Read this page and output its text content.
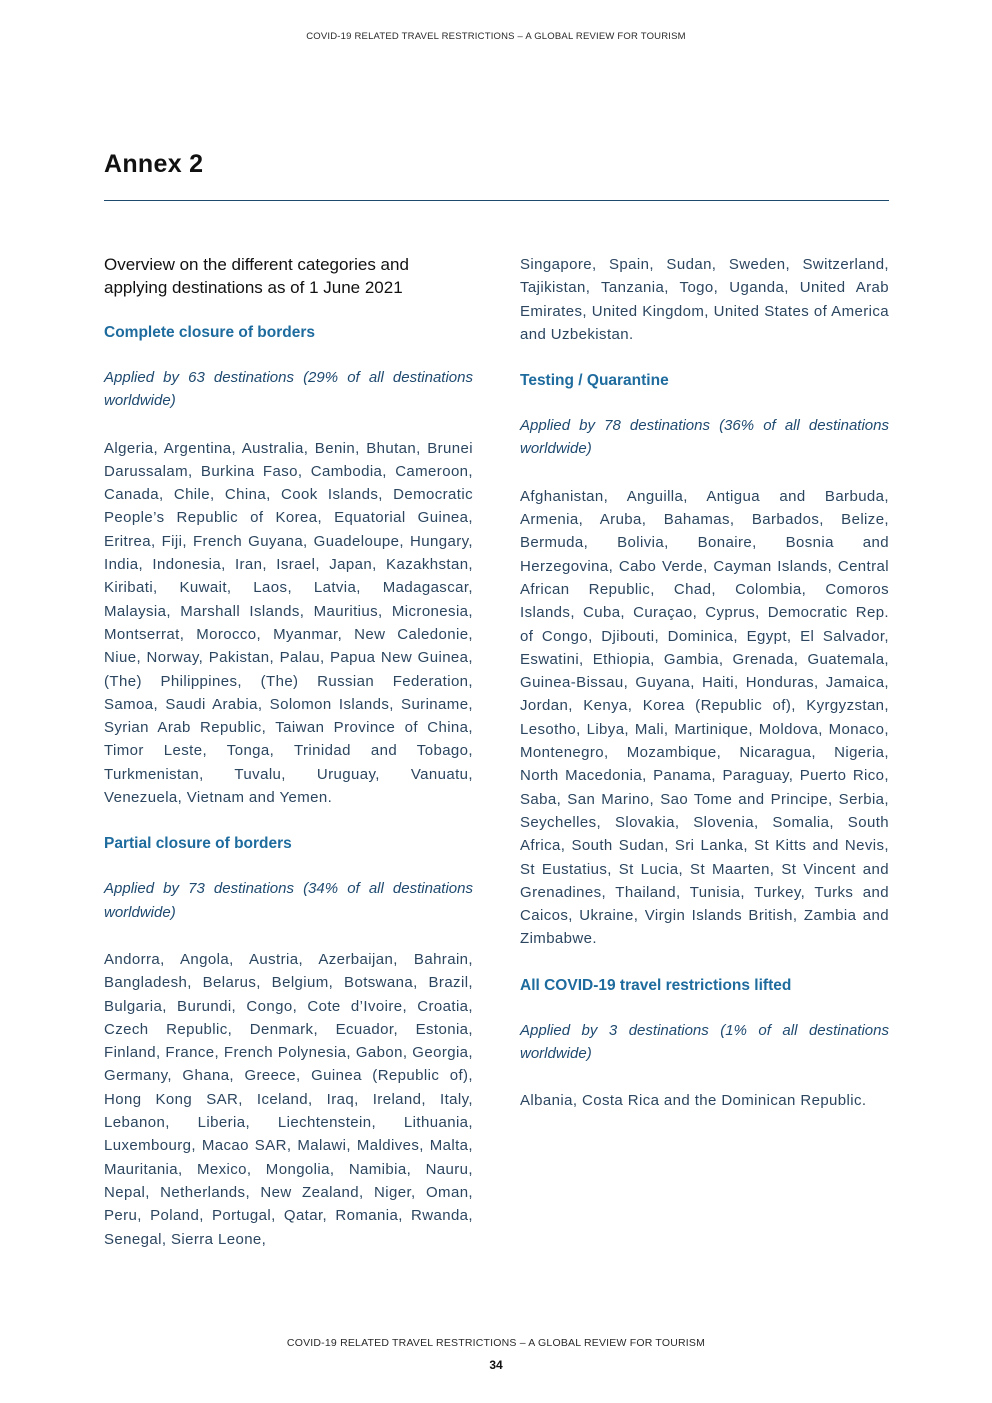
COVID-19 RELATED TRAVEL RESTRICTIONS – A GLOBAL REVIEW FOR TOURISM
Annex 2
Overview on the different categories and applying destinations as of 1 June 2021
Complete closure of borders

Applied by 63 destinations (29% of all destinations worldwide)

Algeria, Argentina, Australia, Benin, Bhutan, Brunei Darussalam, Burkina Faso, Cambodia, Cameroon, Canada, Chile, China, Cook Islands, Democratic People’s Republic of Korea, Equatorial Guinea, Eritrea, Fiji, French Guyana, Guadeloupe, Hungary, India, Indonesia, Iran, Israel, Japan, Kazakhstan, Kiribati, Kuwait, Laos, Latvia, Madagascar, Malaysia, Marshall Islands, Mauritius, Micronesia, Montserrat, Morocco, Myanmar, New Caledonie, Niue, Norway, Pakistan, Palau, Papua New Guinea, (The) Philippines, (The) Russian Federation, Samoa, Saudi Arabia, Solomon Islands, Suriname, Syrian Arab Republic, Taiwan Province of China, Timor Leste, Tonga, Trinidad and Tobago, Turkmenistan, Tuvalu, Uruguay, Vanuatu, Venezuela, Vietnam and Yemen.

Partial closure of borders

Applied by 73 destinations (34% of all destinations worldwide)

Andorra, Angola, Austria, Azerbaijan, Bahrain, Bangladesh, Belarus, Belgium, Botswana, Brazil, Bulgaria, Burundi, Congo, Cote d’Ivoire, Croatia, Czech Republic, Denmark, Ecuador, Estonia, Finland, France, French Polynesia, Gabon, Georgia, Germany, Ghana, Greece, Guinea (Republic of), Hong Kong SAR, Iceland, Iraq, Ireland, Italy, Lebanon, Liberia, Liechtenstein, Lithuania, Luxembourg, Macao SAR, Malawi, Maldives, Malta, Mauritania, Mexico, Mongolia, Namibia, Nauru, Nepal, Netherlands, New Zealand, Niger, Oman, Peru, Poland, Portugal, Qatar, Romania, Rwanda, Senegal, Sierra Leone,

Singapore, Spain, Sudan, Sweden, Switzerland, Tajikistan, Tanzania, Togo, Uganda, United Arab Emirates, United Kingdom, United States of America and Uzbekistan.

Testing / Quarantine

Applied by 78 destinations (36% of all destinations worldwide)

Afghanistan, Anguilla, Antigua and Barbuda, Armenia, Aruba, Bahamas, Barbados, Belize, Bermuda, Bolivia, Bonaire, Bosnia and Herzegovina, Cabo Verde, Cayman Islands, Central African Republic, Chad, Colombia, Comoros Islands, Cuba, Curaçao, Cyprus, Democratic Rep. of Congo, Djibouti, Dominica, Egypt, El Salvador, Eswatini, Ethiopia, Gambia, Grenada, Guatemala, Guinea-Bissau, Guyana, Haiti, Honduras, Jamaica, Jordan, Kenya, Korea (Republic of), Kyrgyzstan, Lesotho, Libya, Mali, Martinique, Moldova, Monaco, Montenegro, Mozambique, Nicaragua, Nigeria, North Macedonia, Panama, Paraguay, Puerto Rico, Saba, San Marino, Sao Tome and Principe, Serbia, Seychelles, Slovakia, Slovenia, Somalia, South Africa, South Sudan, Sri Lanka, St Kitts and Nevis, St Eustatius, St Lucia, St Maarten, St Vincent and Grenadines, Thailand, Tunisia, Turkey, Turks and Caicos, Ukraine, Virgin Islands British, Zambia and Zimbabwe.

All COVID-19 travel restrictions lifted

Applied by 3 destinations (1% of all destinations worldwide)

Albania, Costa Rica and the Dominican Republic.

COVID-19 RELATED TRAVEL RESTRICTIONS – A GLOBAL REVIEW FOR TOURISM
34
